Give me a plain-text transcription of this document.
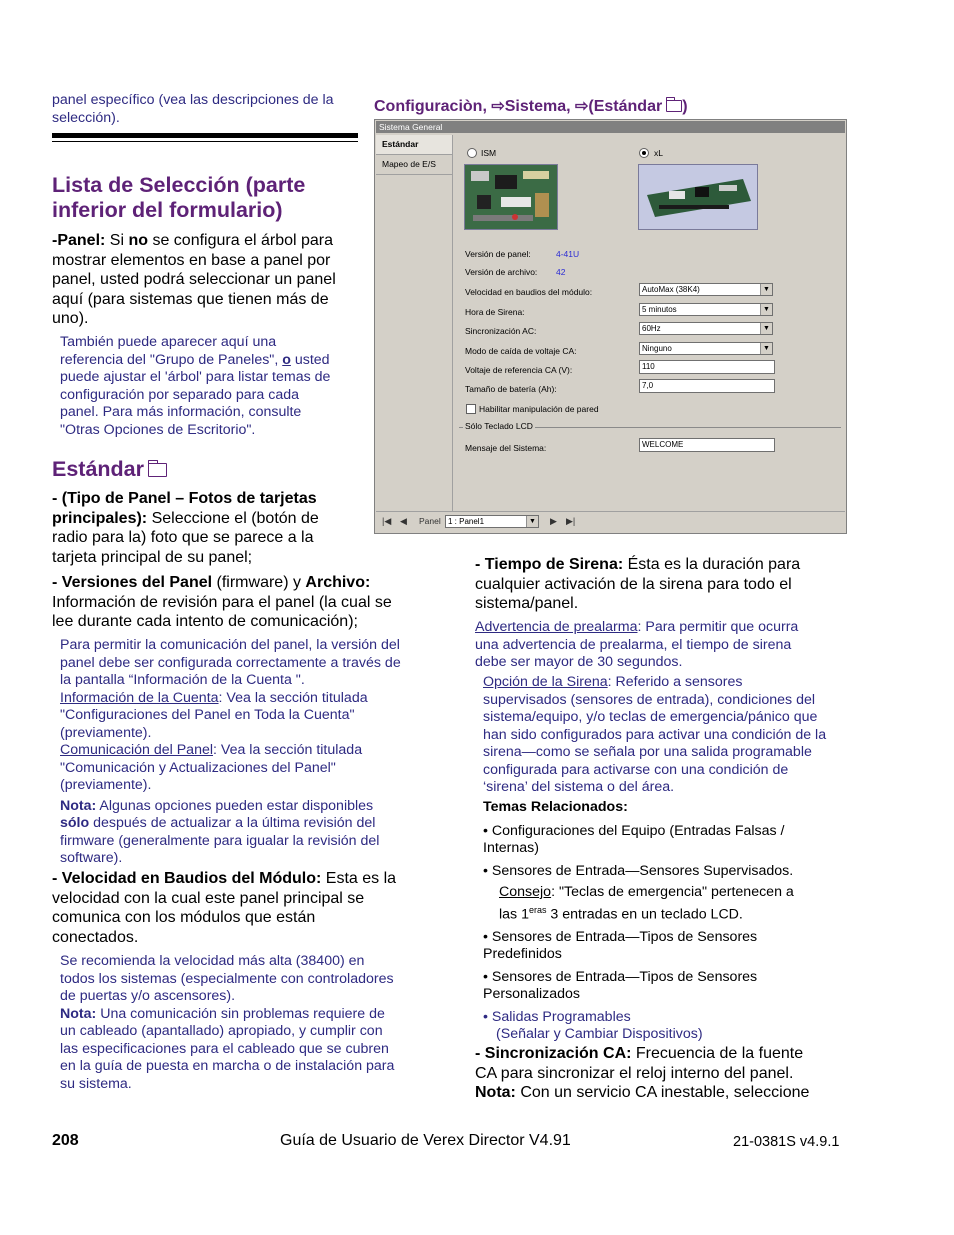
panel específico (vea las descripciones de la
selección).
Lista de Selección (parte
inferior del formulario)
-Panel: Si no se configura el árbol para
mostrar elementos en base a panel por
panel, usted podrá seleccionar un panel
aquí (para sistemas que tienen más de
uno).
También puede aparecer aquí una
referencia del "Grupo de Paneles", o usted
puede ajustar el 'árbol' para listar temas de
configuración por separado para cada
panel. Para más información, consulte
"Otras Opciones de Escritorio".
Estándar
- (Tipo de Panel – Fotos de tarjetas
principales): Seleccione el (botón de
radio para la) foto que se parece a la
tarjeta principal de su panel;
- Versiones del Panel (firmware) y Archivo:
Información de revisión para el panel (la cual se
lee durante cada intento de comunicación);
Para permitir la comunicación del panel, la versión del
panel debe ser configurada correctamente a través de
la pantalla “Información de la Cuenta ".
Información de la Cuenta: Vea la sección titulada
"Configuraciones del Panel en Toda la Cuenta"
(previamente).
Comunicación del Panel: Vea la sección titulada
"Comunicación y Actualizaciones del Panel"
(previamente).
Nota: Algunas opciones pueden estar disponibles
sólo después de actualizar a la última revisión del
firmware (generalmente para igualar la revisión del
software).
- Velocidad en Baudios del Módulo: Esta es la
velocidad con la cual este panel principal se
comunica con los módulos que están
conectados.
Se recomienda la velocidad más alta (38400) en
todos los sistemas (especialmente con controladores
de puertas y/o ascensores).
Nota: Una comunicación sin problemas requiere de
un cableado (apantallado) apropiado, y cumplir con
las especificaciones para el cableado que se cubren
en la guía de puesta en marcha o de instalación para
su sistema.
Configuraciòn, ⇨Sistema, ⇨(Estándar )
Sistema General
Estándar
Mapeo de E/S
ISM	xL
Versión de panel:	4-41U
Versión de archivo: 42
Velocidad en baudios del módulo:	AutoMax (38K4)	▼
Hora de Sirena:	5 minutos	▼
Sincronización AC:	60Hz	▼
Modo de caída de voltaje CA:	Ninguno	▼
Voltaje de referencia CA (V):	110
Tamaño de batería (Ah):	7,0
Habilitar manipulación de pared
Sólo Teclado LCD
Mensaje del Sistema:	WELCOME
|◀ ◀ Panel 1 : Panel1	▼ ▶ ▶|
- Tiempo de Sirena: Ésta es la duración para
cualquier activación de la sirena para todo el
sistema/panel.
Advertencia de prealarma: Para permitir que ocurra
una advertencia de prealarma, el tiempo de sirena
debe ser mayor de 30 segundos.
Opción de la Sirena: Referido a sensores
supervisados (sensores de entrada), condiciones del
sistema/equipo, y/o teclas de emergencia/pánico que
han sido configurados para activar una condición de la
sirena—como se señala por una salida programable
configurada para activarse con una condición de
‘sirena’ del sistema o del área.
Temas Relacionados:
• Configuraciones del Equipo (Entradas Falsas /
Internas)
• Sensores de Entrada—Sensores Supervisados.
Consejo: "Teclas de emergencia" pertenecen a
las $1^{eras}$ 3 entradas en un teclado LCD.
• Sensores de Entrada—Tipos de Sensores
Predefinidos
• Sensores de Entrada—Tipos de Sensores
Personalizados
• Salidas Programables
(Señalar y Cambiar Dispositivos)
- Sincronización CA: Frecuencia de la fuente
CA para sincronizar el reloj interno del panel.
Nota: Con un servicio CA inestable, seleccione
208	Guía de Usuario de Verex Director V4.91	21-0381S v4.9.1
